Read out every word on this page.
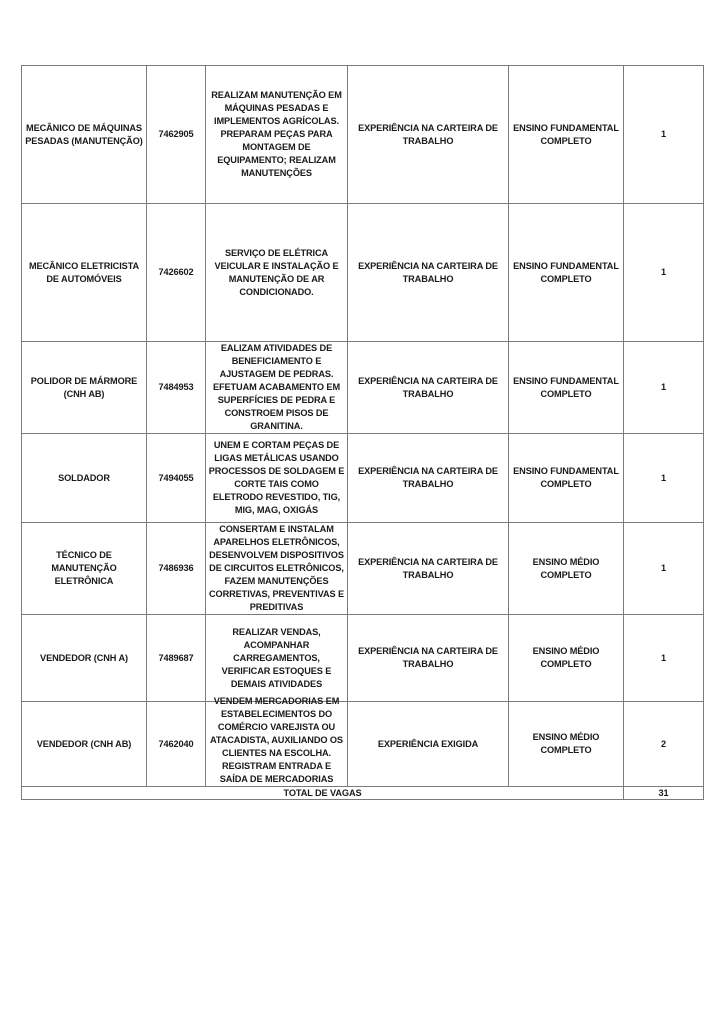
MECÂNICO DE MÁQUINAS PESADAS (MANUTENÇÃO)	7462905	REALIZAM MANUTENÇÃO EM MÁQUINAS PESADAS E IMPLEMENTOS AGRÍCOLAS. PREPARAM PEÇAS PARA MONTAGEM DE EQUIPAMENTO; REALIZAM MANUTENÇÕES	EXPERIÊNCIA NA CARTEIRA DE TRABALHO	ENSINO FUNDAMENTAL COMPLETO	1
MECÂNICO ELETRICISTA DE AUTOMÓVEIS	7426602	SERVIÇO DE ELÉTRICA VEICULAR E INSTALAÇÃO E MANUTENÇÃO DE AR CONDICIONADO.	EXPERIÊNCIA NA CARTEIRA DE TRABALHO	ENSINO FUNDAMENTAL COMPLETO	1
POLIDOR DE MÁRMORE (CNH AB)	7484953	EALIZAM ATIVIDADES DE BENEFICIAMENTO E AJUSTAGEM DE PEDRAS. EFETUAM ACABAMENTO EM SUPERFÍCIES DE PEDRA E CONSTROEM PISOS DE GRANITINA.	EXPERIÊNCIA NA CARTEIRA DE TRABALHO	ENSINO FUNDAMENTAL COMPLETO	1
SOLDADOR	7494055	UNEM E CORTAM PEÇAS DE LIGAS METÁLICAS USANDO PROCESSOS DE SOLDAGEM E CORTE TAIS COMO ELETRODO REVESTIDO, TIG, MIG, MAG, OXIGÁS	EXPERIÊNCIA NA CARTEIRA DE TRABALHO	ENSINO FUNDAMENTAL COMPLETO	1
TÉCNICO DE MANUTENÇÃO ELETRÔNICA	7486936	CONSERTAM E INSTALAM APARELHOS ELETRÔNICOS, DESENVOLVEM DISPOSITIVOS DE CIRCUITOS ELETRÔNICOS, FAZEM MANUTENÇÕES CORRETIVAS, PREVENTIVAS E PREDITIVAS	EXPERIÊNCIA NA CARTEIRA DE TRABALHO	ENSINO MÉDIO COMPLETO	1
VENDEDOR (CNH A)	7489687	REALIZAR VENDAS, ACOMPANHAR CARREGAMENTOS, VERIFICAR ESTOQUES E DEMAIS ATIVIDADES	EXPERIÊNCIA NA CARTEIRA DE TRABALHO	ENSINO MÉDIO COMPLETO	1
VENDEDOR (CNH AB)	7462040	VENDEM MERCADORIAS EM ESTABELECIMENTOS DO COMÉRCIO VAREJISTA OU ATACADISTA, AUXILIANDO OS CLIENTES NA ESCOLHA. REGISTRAM ENTRADA E SAÍDA DE MERCADORIAS	EXPERIÊNCIA EXIGIDA	ENSINO MÉDIO COMPLETO	2
TOTAL DE VAGAS					31
